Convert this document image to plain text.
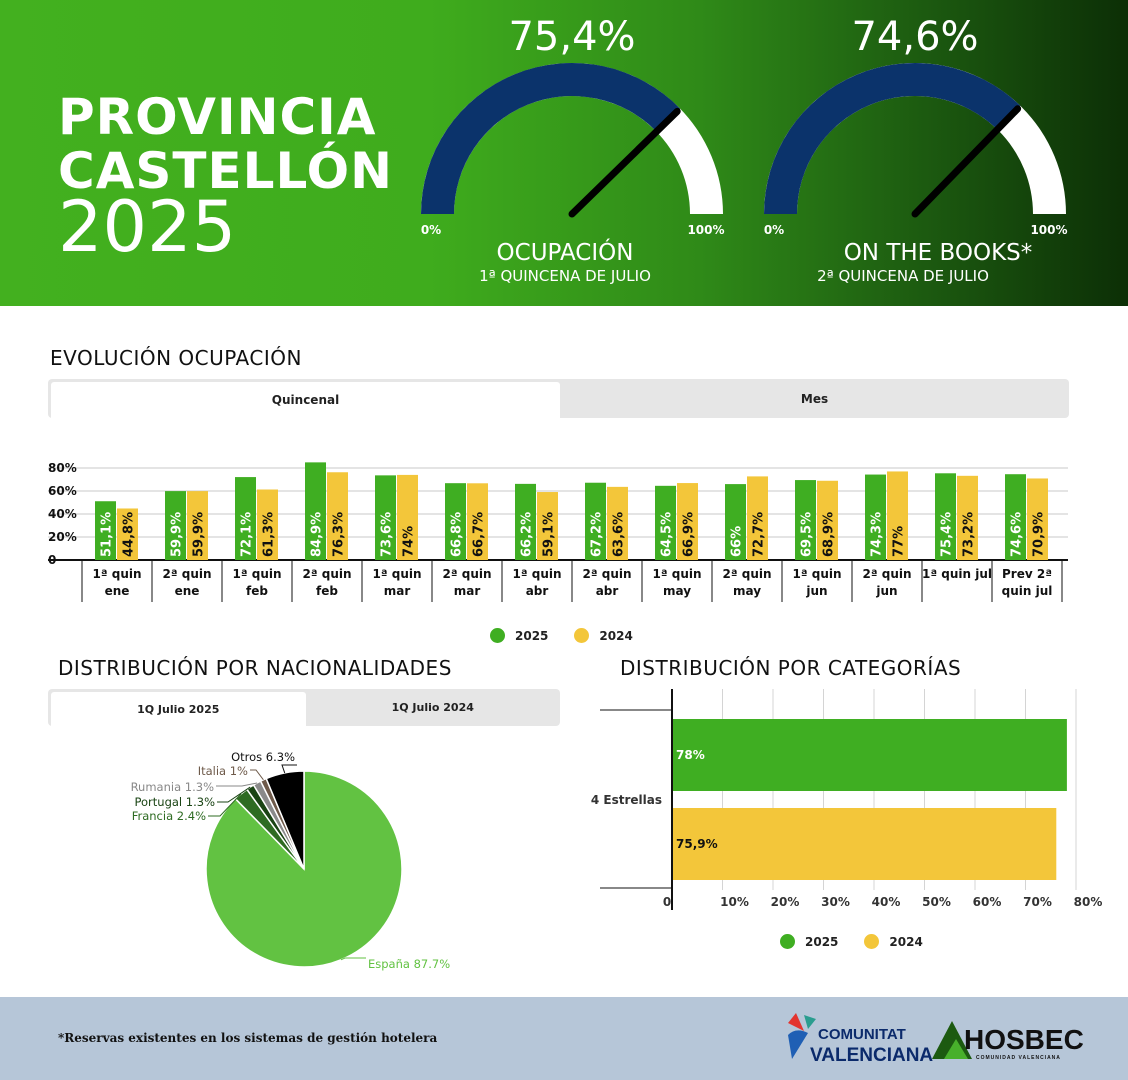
PROVINCIA
CASTELLÓN
2025
75,4%
0%	100%
OCUPACIÓN
1ª QUINCENA DE JULIO
74,6%
0%	100%
ON THE BOOKS*
2ª QUINCENA DE JULIO
EVOLUCIÓN OCUPACIÓN
Quincenal	Mes
0
20%
40%
60%
80%
51,1% 44,8%
1ª quin
ene
59,9% 59,9%
2ª quin
ene
72,1% 61,3%
1ª quin
feb
84,9% 76,3%
2ª quin
feb
73,6% 74%
1ª quin
mar
66,8% 66,7%
2ª quin
mar
66,2% 59,1%
1ª quin
abr
67,2% 63,6%
2ª quin
abr
64,5% 66,9%
1ª quin
may
66% 72,7%
2ª quin
may
69,5% 68,9%
1ª quin
jun
74,3% 77%
2ª quin
jun
75,4% 73,2%
1ª quin jul
74,6% 70,9%
Prev 2ª
quin jul
2025	2024
DISTRIBUCIÓN POR NACIONALIDADES
1Q Julio 2025	1Q Julio 2024
España 87.7%
Francia 2.4%
Portugal 1.3%
Rumania 1.3%
Italia 1%
Otros 6.3%
DISTRIBUCIÓN POR CATEGORÍAS
0	10% 20% 30% 40% 50% 60% 70% 80%
4 Estrellas
78%
75,9%
2025	2024
*Reservas existentes en los sistemas de gestión hotelera	COMUNITAT
VALENCIANA
HOSBEC
COMUNIDAD VALENCIANA
